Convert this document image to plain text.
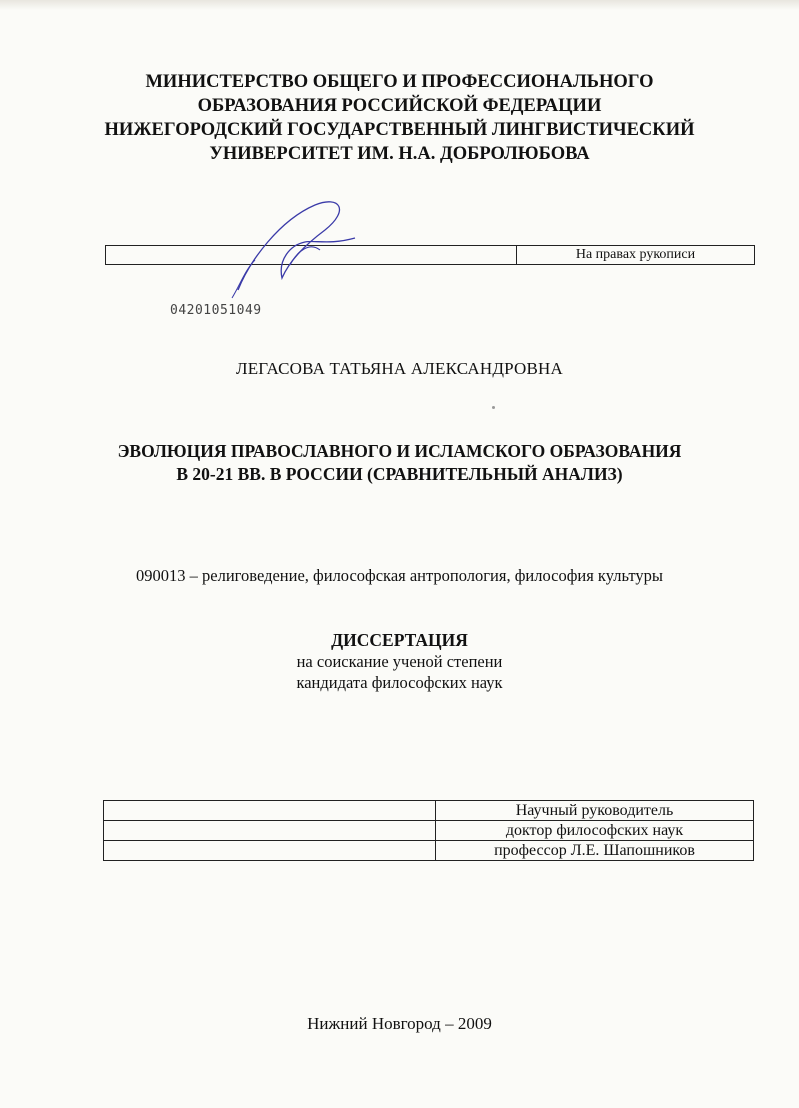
МИНИСТЕРСТВО ОБЩЕГО И ПРОФЕССИОНАЛЬНОГО
ОБРАЗОВАНИЯ РОССИЙСКОЙ ФЕДЕРАЦИИ
НИЖЕГОРОДСКИЙ ГОСУДАРСТВЕННЫЙ ЛИНГВИСТИЧЕСКИЙ
УНИВЕРСИТЕТ ИМ. Н.А. ДОБРОЛЮБОВА
	На правах рукописи
04201051049
ЛЕГАСОВА ТАТЬЯНА АЛЕКСАНДРОВНА
ЭВОЛЮЦИЯ ПРАВОСЛАВНОГО И ИСЛАМСКОГО ОБРАЗОВАНИЯ
В 20-21 ВВ. В РОССИИ (СРАВНИТЕЛЬНЫЙ АНАЛИЗ)
090013 – религоведение, философская антропология, философия культуры
ДИССЕРТАЦИЯ
на соискание ученой степени
кандидата философских наук
	Научный руководитель
	доктор философских наук
	профессор Л.Е. Шапошников
Нижний Новгород – 2009
